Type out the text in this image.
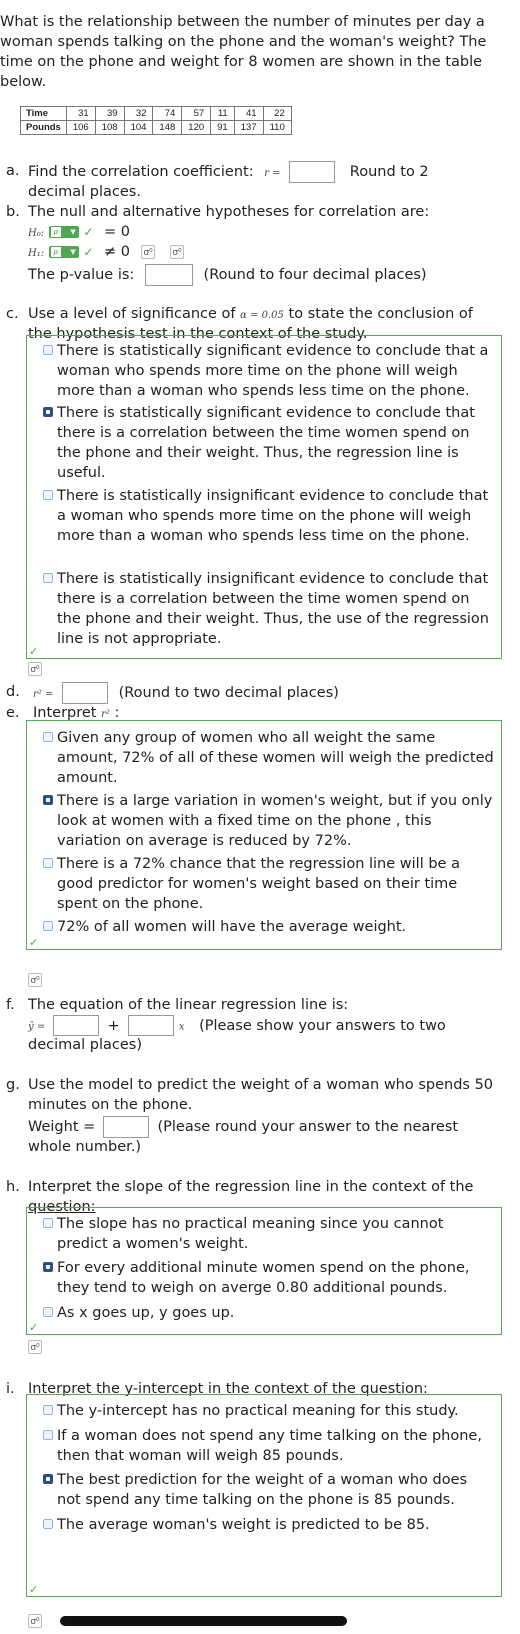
What is the relationship between the number of minutes per day a woman spends talking on the phone and the woman's weight? The time on the phone and weight for 8 women are shown in the table below.
Time	31	39	32	74	57	11	41	22
Pounds	106	108	104	148	120	91	137	110
a. Find the correlation coefficient: r =	Round to 2
decimal places.
b. The null and alternative hypotheses for correlation are:
H₀:	ρ	▼ ✓ = 0
H₁:	ρ	▼ ✓ ≠ 0 σ⁰ σ⁰
The p-value is:	(Round to four decimal places)
c. Use a level of significance of α = 0.05 to state the conclusion of
the hypothesis test in the context of the study.
There is statistically significant evidence to conclude that a woman who spends more time on the phone will weigh more than a woman who spends less time on the phone.
There is statistically significant evidence to conclude that there is a correlation between the time women spend on the phone and their weight. Thus, the regression line is useful.
There is statistically insignificant evidence to conclude that a woman who spends more time on the phone will weigh more than a woman who spends less time on the phone.
There is statistically insignificant evidence to conclude that there is a correlation between the time women spend on the phone and their weight. Thus, the use of the regression line is not appropriate.
✓
σ⁰
d. r² =	(Round to two decimal places)
e. Interpret r² :
Given any group of women who all weight the same amount, 72% of all of these women will weigh the predicted amount.
There is a large variation in women's weight, but if you only look at women with a fixed time on the phone , this variation on average is reduced by 72%.
There is a 72% chance that the regression line will be a good predictor for women's weight based on their time spent on the phone.
72% of all women will have the average weight.
✓
σ⁰
f. The equation of the linear regression line is:
ŷ =	+	x (Please show your answers to two
decimal places)
g. Use the model to predict the weight of a woman who spends 50
minutes on the phone.
Weight =	(Please round your answer to the nearest
whole number.)
h. Interpret the slope of the regression line in the context of the
question:
The slope has no practical meaning since you cannot predict a women's weight.
For every additional minute women spend on the phone, they tend to weigh on averge 0.80 additional pounds.
As x goes up, y goes up.
✓
σ⁰
i. Interpret the y-intercept in the context of the question:
The y-intercept has no practical meaning for this study.
If a woman does not spend any time talking on the phone, then that woman will weigh 85 pounds.
The best prediction for the weight of a woman who does not spend any time talking on the phone is 85 pounds.
The average woman's weight is predicted to be 85.
✓
σ⁰
